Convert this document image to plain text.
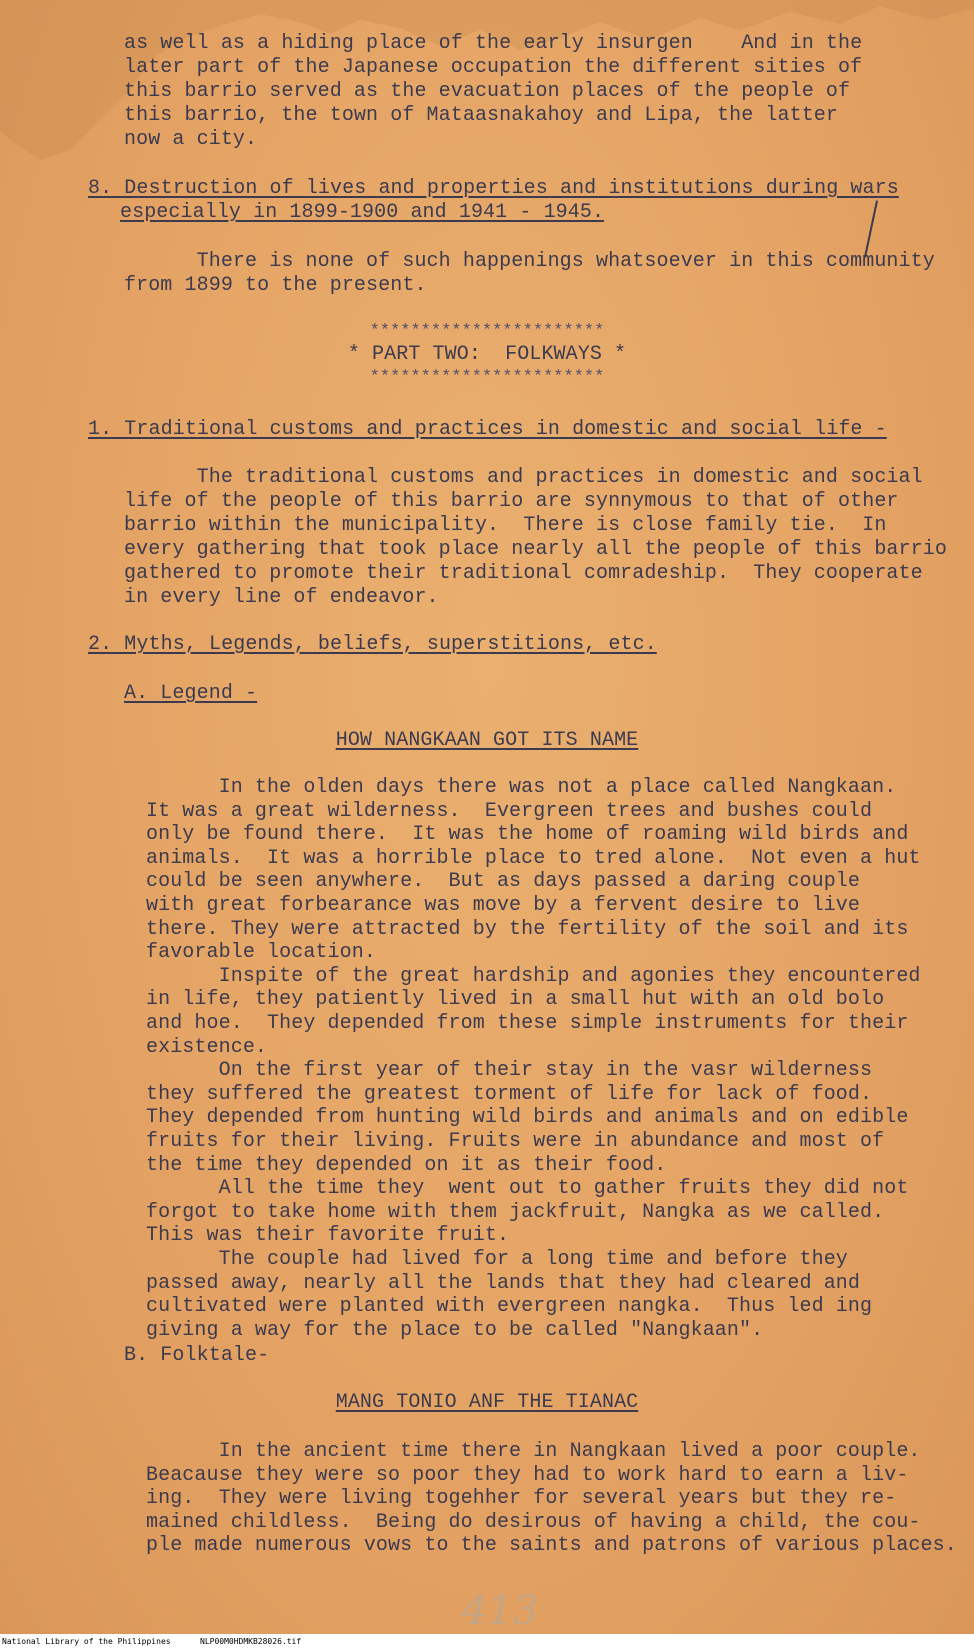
as well as a hiding place of the early insurgen    And in the
later part of the Japanese occupation the different sities of
this barrio served as the evacuation places of the people of
this barrio, the town of Mataasnakahoy and Lipa, the latter
now a city.
8. Destruction of lives and properties and institutions during wars
especially in 1899-1900 and 1941 - 1945.
There is none of such happenings whatsoever in this community
from 1899 to the present.
***********************
* PART TWO:  FOLKWAYS *
***********************
1. Traditional customs and practices in domestic and social life -
The traditional customs and practices in domestic and social
life of the people of this barrio are synnymous to that of other
barrio within the municipality.  There is close family tie.  In
every gathering that took place nearly all the people of this barrio
gathered to promote their traditional comradeship.  They cooperate
in every line of endeavor.
2. Myths, Legends, beliefs, superstitions, etc.
A. Legend -
HOW NANGKAAN GOT ITS NAME
In the olden days there was not a place called Nangkaan.
It was a great wilderness.  Evergreen trees and bushes could
only be found there.  It was the home of roaming wild birds and
animals.  It was a horrible place to tred alone.  Not even a hut
could be seen anywhere.  But as days passed a daring couple
with great forbearance was move by a fervent desire to live
there. They were attracted by the fertility of the soil and its
favorable location.
Inspite of the great hardship and agonies they encountered
in life, they patiently lived in a small hut with an old bolo
and hoe.  They depended from these simple instruments for their
existence.
On the first year of their stay in the vasr wilderness
they suffered the greatest torment of life for lack of food.
They depended from hunting wild birds and animals and on edible
fruits for their living. Fruits were in abundance and most of
the time they depended on it as their food.
All the time they  went out to gather fruits they did not
forgot to take home with them jackfruit, Nangka as we called.
This was their favorite fruit.
The couple had lived for a long time and before they
passed away, nearly all the lands that they had cleared and
cultivated were planted with evergreen nangka.  Thus led ing
giving a way for the place to be called "Nangkaan".
B. Folktale-
MANG TONIO ANF THE TIANAC
In the ancient time there in Nangkaan lived a poor couple.
Beacause they were so poor they had to work hard to earn a liv-
ing.  They were living togehher for several years but they re-
mained childless.  Being do desirous of having a child, the cou-
ple made numerous vows to the saints and patrons of various places.
413
National Library of the Philippines	NLP00M0HDMKB28026.tif
